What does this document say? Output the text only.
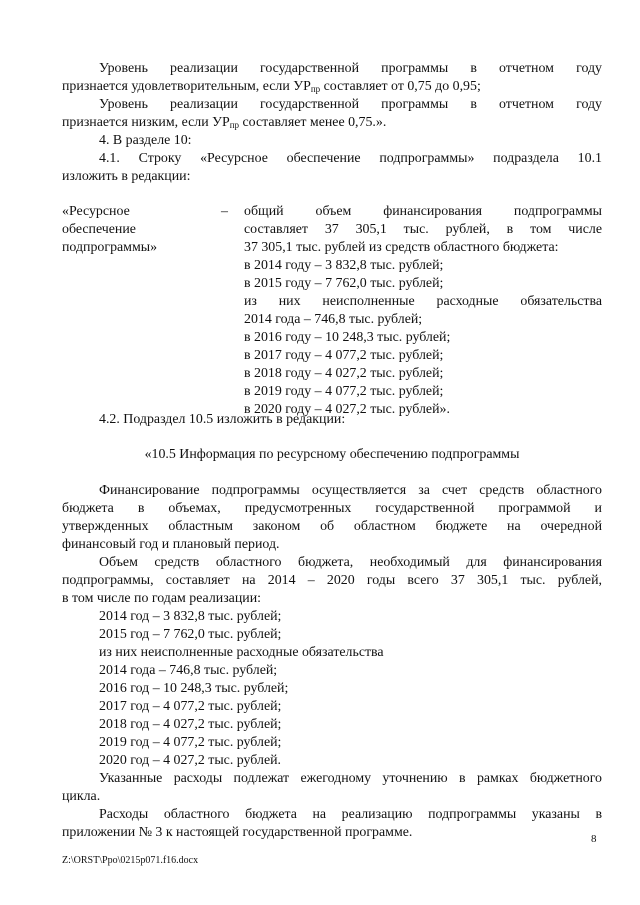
Уровень реализации государственной программы в отчетном году
признается удовлетворительным, если $УР_{пр}$ составляет от 0,75 до 0,95;
Уровень реализации государственной программы в отчетном году
признается низким, если $УР_{пр}$ составляет менее 0,75.».
4. В разделе 10:
4.1. Строку «Ресурсное обеспечение подпрограммы» подраздела 10.1
изложить в редакции:
«Ресурсное
обеспечение
подпрограммы»
– общий объем финансирования подпрограммы
составляет 37 305,1 тыс. рублей, в том числе
37 305,1 тыс. рублей из средств областного бюджета:
в 2014 году – 3 832,8 тыс. рублей;
в 2015 году – 7 762,0 тыс. рублей;
из них неисполненные расходные обязательства
2014 года – 746,8 тыс. рублей;
в 2016 году – 10 248,3 тыс. рублей;
в 2017 году – 4 077,2 тыс. рублей;
в 2018 году – 4 027,2 тыс. рублей;
в 2019 году – 4 077,2 тыс. рублей;
в 2020 году – 4 027,2 тыс. рублей».
4.2. Подраздел 10.5 изложить в редакции:
«10.5 Информация по ресурсному обеспечению подпрограммы
Финансирование подпрограммы осуществляется за счет средств областного
бюджета в объемах, предусмотренных государственной программой и
утвержденных областным законом об областном бюджете на очередной
финансовый год и плановый период.
Объем средств областного бюджета, необходимый для финансирования
подпрограммы, составляет на 2014 – 2020 годы всего 37 305,1 тыс. рублей,
в том числе по годам реализации:
2014 год – 3 832,8 тыс. рублей;
2015 год – 7 762,0 тыс. рублей;
из них неисполненные расходные обязательства
2014 года – 746,8 тыс. рублей;
2016 год – 10 248,3 тыс. рублей;
2017 год – 4 077,2 тыс. рублей;
2018 год – 4 027,2 тыс. рублей;
2019 год – 4 077,2 тыс. рублей;
2020 год – 4 027,2 тыс. рублей.
Указанные расходы подлежат ежегодному уточнению в рамках бюджетного
цикла.
Расходы областного бюджета на реализацию подпрограммы указаны в
приложении № 3 к настоящей государственной программе.	8
Z:\ORST\Ppo\0215p071.f16.docx
